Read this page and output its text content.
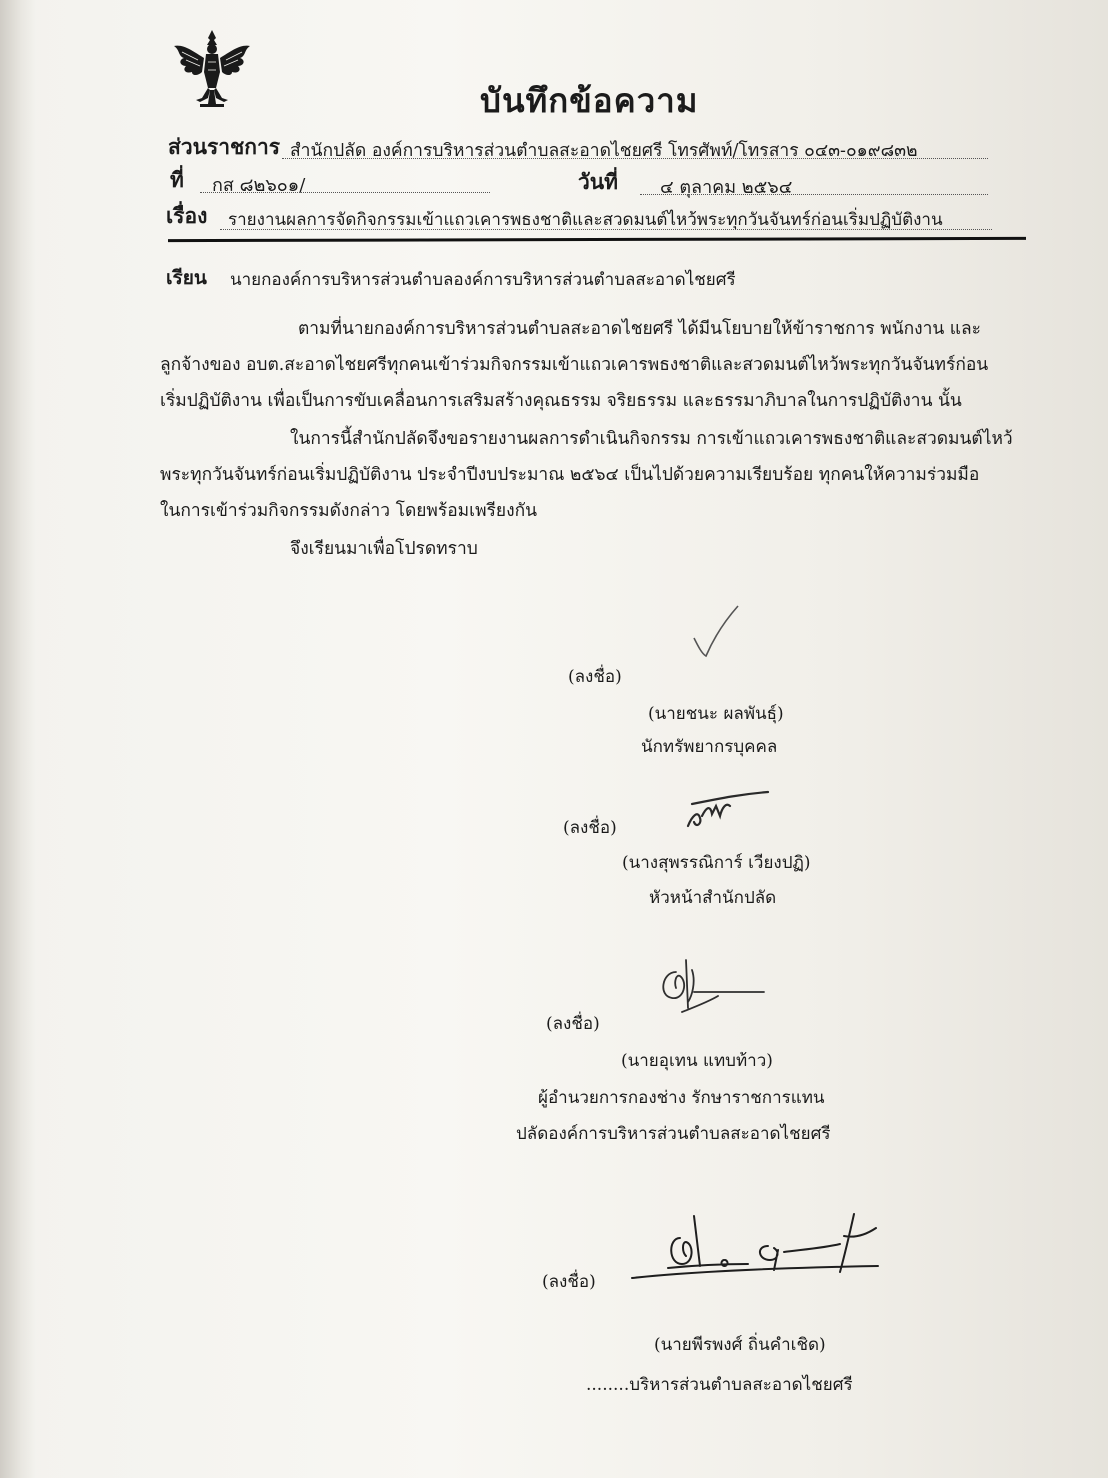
บันทึกข้อความ
ส่วนราชการ สำนักปลัด องค์การบริหารส่วนตำบลสะอาดไชยศรี โทรศัพท์/โทรสาร ๐๔๓-๐๑๙๘๓๒
ที่ กส ๘๒๖๐๑/	วันที่ ๔ ตุลาคม ๒๕๖๔
เรื่อง รายงานผลการจัดกิจกรรมเข้าแถวเคารพธงชาติและสวดมนต์ไหว้พระทุกวันจันทร์ก่อนเริ่มปฏิบัติงาน
เรียน นายกองค์การบริหารส่วนตำบลองค์การบริหารส่วนตำบลสะอาดไชยศรี
ตามที่นายกองค์การบริหารส่วนตำบลสะอาดไชยศรี ได้มีนโยบายให้ข้าราชการ พนักงาน และ
ลูกจ้างของ อบต.สะอาดไชยศรีทุกคนเข้าร่วมกิจกรรมเข้าแถวเคารพธงชาติและสวดมนต์ไหว้พระทุกวันจันทร์ก่อน
เริ่มปฏิบัติงาน เพื่อเป็นการขับเคลื่อนการเสริมสร้างคุณธรรม จริยธรรม และธรรมาภิบาลในการปฏิบัติงาน นั้น
ในการนี้สำนักปลัดจึงขอรายงานผลการดำเนินกิจกรรม การเข้าแถวเคารพธงชาติและสวดมนต์ไหว้
พระทุกวันจันทร์ก่อนเริ่มปฏิบัติงาน ประจำปีงบประมาณ ๒๕๖๔ เป็นไปด้วยความเรียบร้อย ทุกคนให้ความร่วมมือ
ในการเข้าร่วมกิจกรรมดังกล่าว โดยพร้อมเพรียงกัน
จึงเรียนมาเพื่อโปรดทราบ
(ลงชื่อ)
(นายชนะ ผลพันธุ์)
นักทรัพยากรบุคคล
(ลงชื่อ)
(นางสุพรรณิการ์ เวียงปฏิ)
หัวหน้าสำนักปลัด
(ลงชื่อ)
(นายอุเทน แทบท้าว)
ผู้อำนวยการกองช่าง รักษาราชการแทน
ปลัดองค์การบริหารส่วนตำบลสะอาดไชยศรี
(ลงชื่อ)
(นายพีรพงศ์ ถิ่นคำเชิด)
........บริหารส่วนตำบลสะอาดไชยศรี
